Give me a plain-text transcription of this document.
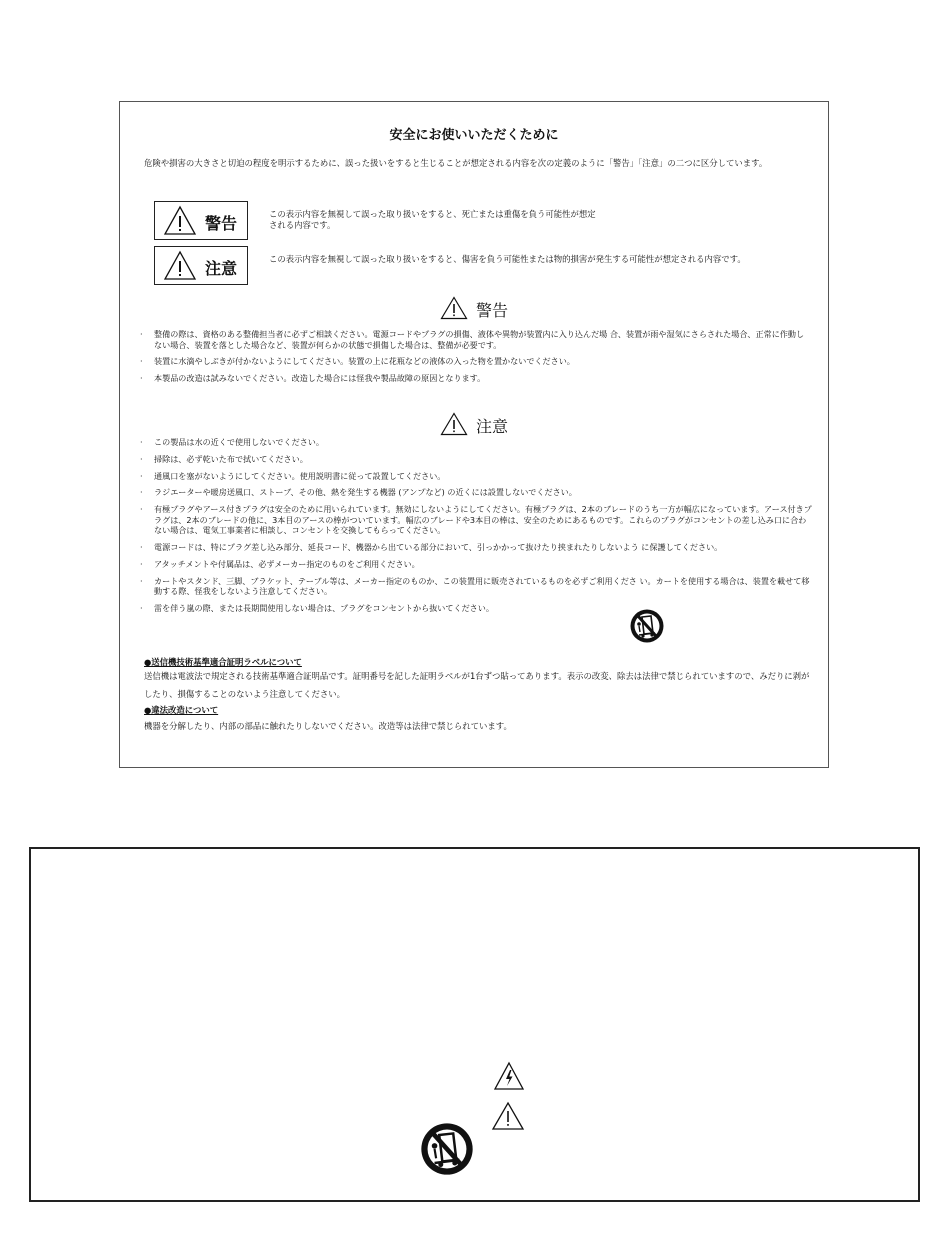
安全にお使いいただくために
危険や損害の大きさと切迫の程度を明示するために、誤った扱いをすると生じることが想定される内容を次の定義のように「警告」「注意」の二つに区分しています。
警告	この表示内容を無視して誤った取り扱いをすると、死亡または重傷を負う可能性が想定される内容です。
注意	この表示内容を無視して誤った取り扱いをすると、傷害を負う可能性または物的損害が発生する可能性が想定される内容です。
警告
· 整備の際は、資格のある整備担当者に必ずご相談ください。電源コードやプラグの損傷、液体や異物が装置内に入り込んだ場 合、装置が雨や湿気にさらされた場合、正常に作動しない場合、装置を落とした場合など、装置が何らかの状態で損傷した場合は、整備が必要です。
· 装置に水滴やしぶきが付かないようにしてください。装置の上に花瓶などの液体の入った物を置かないでください。
· 本製品の改造は試みないでください。改造した場合には怪我や製品故障の原因となります。
注意
· この製品は水の近くで使用しないでください。
· 掃除は、必ず乾いた布で拭いてください。
· 通風口を塞がないようにしてください。使用説明書に従って設置してください。
· ラジエーターや暖房送風口、ストーブ、その他、熱を発生する機器 (アンプなど) の近くには設置しないでください。
· 有極プラグやアース付きプラグは安全のために用いられています。無効にしないようにしてください。有極プラグは、2本のブレードのうち一方が幅広になっています。アース付きプラグは、2本のブレードの他に、3本目のアースの棒がついています。幅広のブレードや3本目の棒は、安全のためにあるものです。これらのプラグがコンセントの差し込み口に合わない場合は、電気工事業者に相談し、コンセントを交換してもらってください。
· 電源コードは、特にプラグ差し込み部分、延長コード、機器から出ている部分において、引っかかって抜けたり挟まれたりしないよう に保護してください。
· アタッチメントや付属品は、必ずメーカー指定のものをご利用ください。
· カートやスタンド、三脚、ブラケット、テーブル等は、メーカー指定のものか、この装置用に販売されているものを必ずご利用くださ い。カートを使用する場合は、装置を載せて移動する際、怪我をしないよう注意してください。
· 雷を伴う嵐の際、または長期間使用しない場合は、プラグをコンセントから抜いてください。
●送信機技術基準適合証明ラベルについて
送信機は電波法で規定される技術基準適合証明品です。証明番号を記した証明ラベルが1台ずつ貼ってあります。表示の改変、除去は法律で禁じられていますので、みだりに剥がしたり、損傷することのないよう注意してください。
●違法改造について
機器を分解したり、内部の部品に触れたりしないでください。改造等は法律で禁じられています。
